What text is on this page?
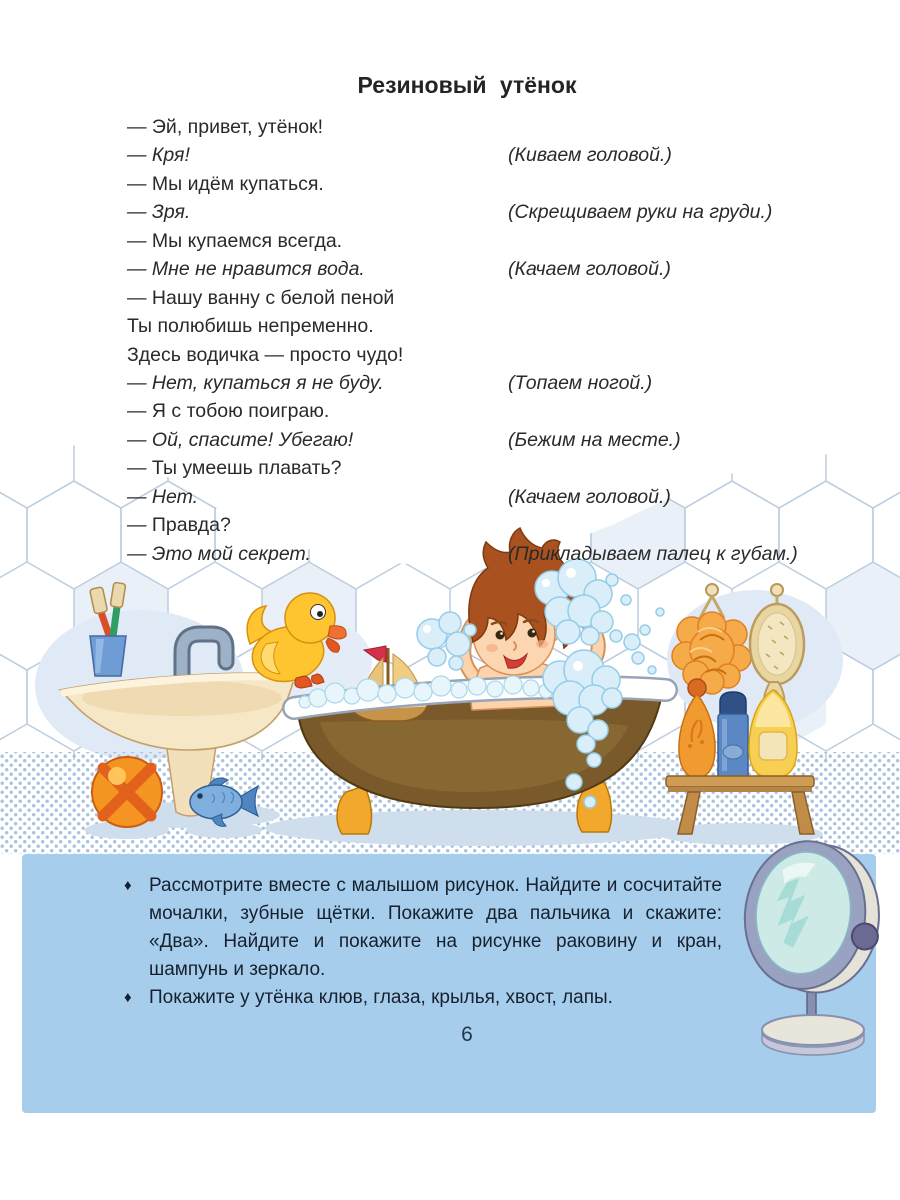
Резиновый утёнок
— Эй, привет, утёнок!
— Кря!	(Киваем головой.)
— Мы идём купаться.
— Зря.	(Скрещиваем руки на груди.)
— Мы купаемся всегда.
— Мне не нравится вода.	(Качаем головой.)
— Нашу ванну с белой пеной
Ты полюбишь непременно.
Здесь водичка — просто чудо!
— Нет, купаться я не буду.	(Топаем ногой.)
— Я с тобою поиграю.
— Ой, спасите! Убегаю!	(Бежим на месте.)
— Ты умеешь плавать?
— Нет.	(Качаем головой.)
— Правда?
— Это мой секрет.	(Прикладываем палец к губам.)
♦ Рассмотрите вместе с малышом рисунок. Найдите и сосчитайте мочалки, зубные щётки. Покажите два пальчика и скажите: «Два». Найдите и покажите на рисунке раковину и кран, шампунь и зеркало.
♦ Покажите у утёнка клюв, глаза, крылья, хвост, лапы.
6
